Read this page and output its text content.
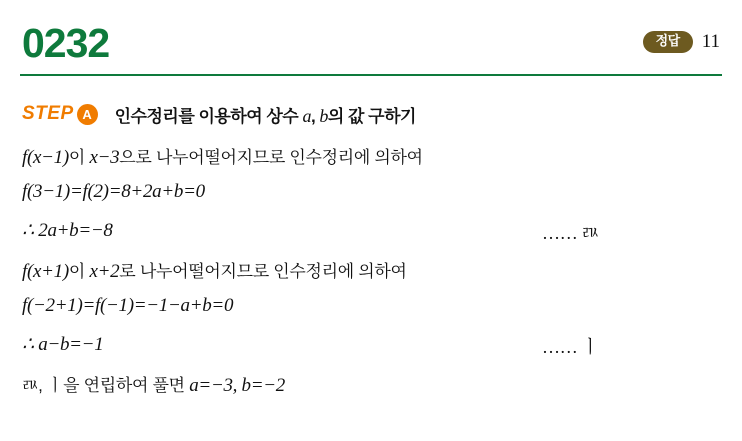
0232	정답	11
STEP A	인수정리를 이용하여 상수 a, b의 값 구하기
f(x−1)이 x−3으로 나누어떨어지므로 인수정리에 의하여
f(3−1)=f(2)=8+2a+b=0
∴ 2a+b=−8	…… ㅩ
f(x+1)이 x+2로 나누어떨어지므로 인수정리에 의하여
f(−2+1)=f(−1)=−1−a+b=0
∴ a−b=−1	…… ㅣ
ㅩ, ㅣ을 연립하여 풀면 a=−3, b=−2
